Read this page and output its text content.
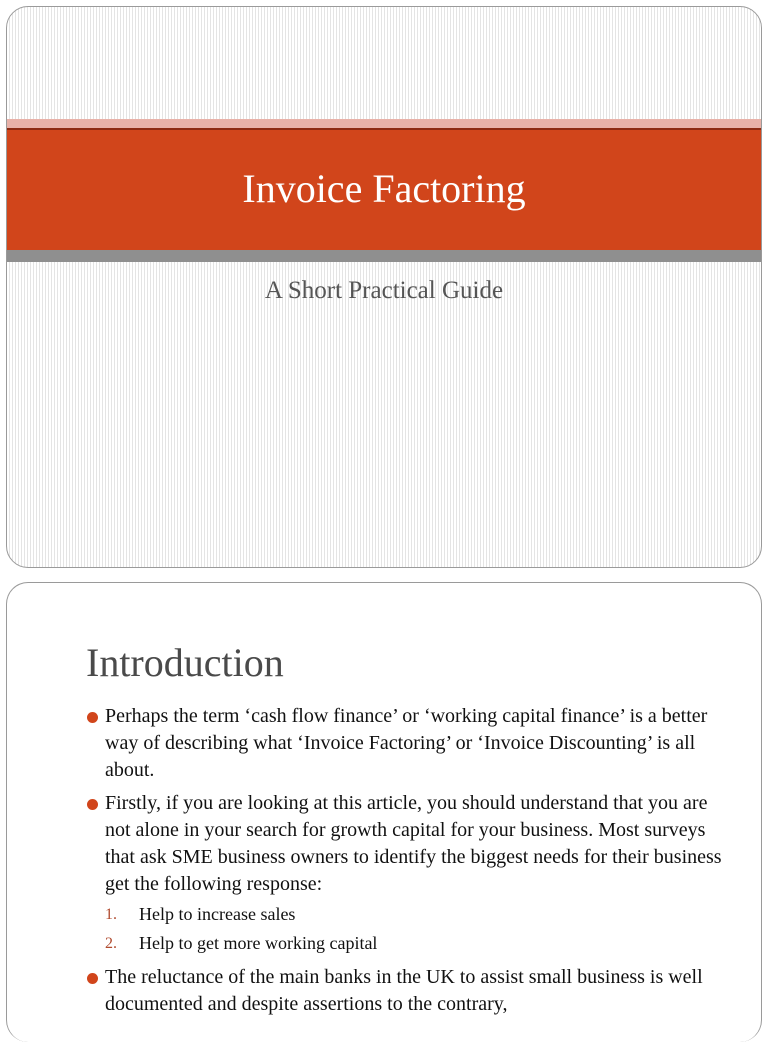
Invoice Factoring
A Short Practical Guide
Introduction
Perhaps the term ‘cash flow finance’ or ‘working capital finance’ is a better way of describing what ‘Invoice Factoring’ or ‘Invoice Discounting’ is all about.
Firstly, if you are looking at this article, you should understand that you are not alone in your search for growth capital for your business. Most surveys that ask SME business owners to identify the biggest needs for their business get the following response:
1. Help to increase sales
2. Help to get more working capital
The reluctance of the main banks in the UK to assist small business is well documented and despite assertions to the contrary,
